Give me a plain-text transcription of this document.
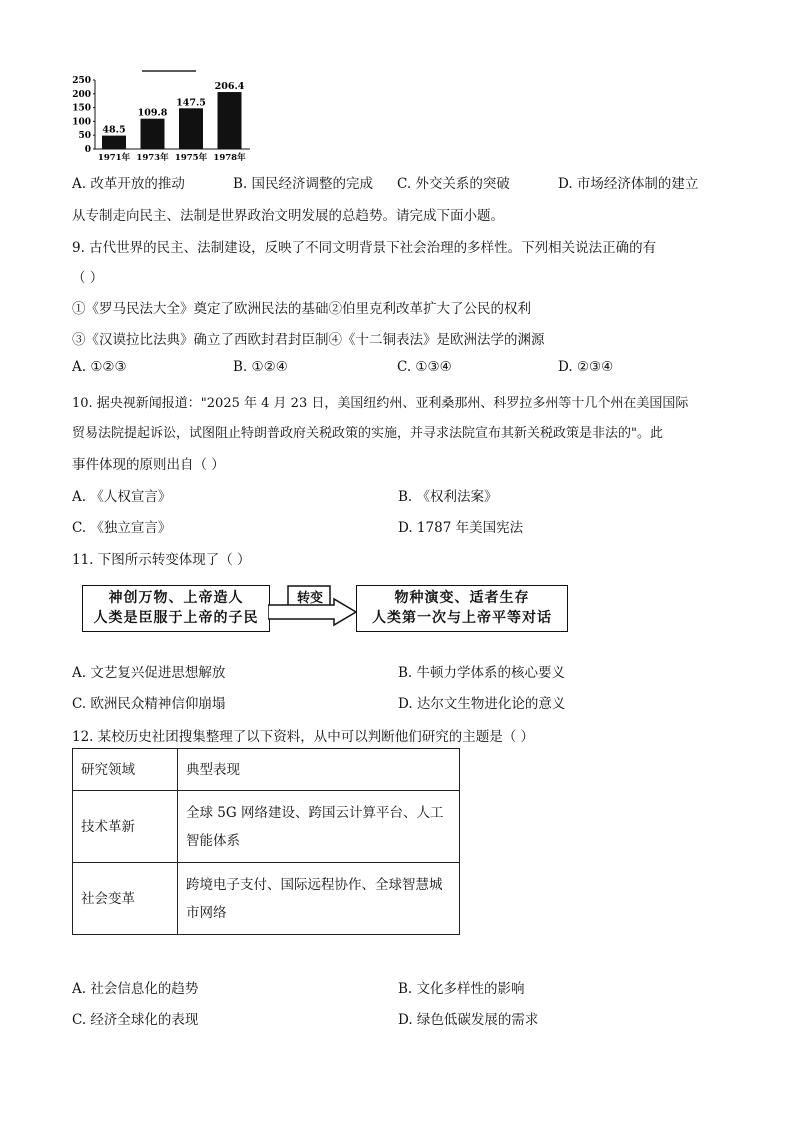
250
200
150
100
50
0
48.5
1971年
109.8
1973年
147.5
1975年
206.4
1978年
A. 改革开放的推动	B. 国民经济调整的完成 C. 外交关系的突破	D. 市场经济体制的建立
从专制走向民主、法制是世界政治文明发展的总趋势。请完成下面小题。
9. 古代世界的民主、法制建设，反映了不同文明背景下社会治理的多样性。下列相关说法正确的有
（ ）
①《罗马民法大全》奠定了欧洲民法的基础②伯里克利改革扩大了公民的权利
③《汉谟拉比法典》确立了西欧封君封臣制④《十二铜表法》是欧洲法学的渊源
A. ①②③	B. ①②④	C. ①③④	D. ②③④
10. 据央视新闻报道："2025 年 4 月 23 日，美国纽约州、亚利桑那州、科罗拉多州等十几个州在美国国际
贸易法院提起诉讼，试图阻止特朗普政府关税政策的实施，并寻求法院宣布其新关税政策是非法的"。此
事件体现的原则出自（ ）
A. 《人权宣言》	B. 《权利法案》
C. 《独立宣言》	D. 1787 年美国宪法
11. 下图所示转变体现了（ ）
神创万物、上帝造人
人类是臣服于上帝的子民
转变	物种演变、适者生存
人类第一次与上帝平等对话
A. 文艺复兴促进思想解放	B. 牛顿力学体系的核心要义
C. 欧洲民众精神信仰崩塌	D. 达尔文生物进化论的意义
12. 某校历史社团搜集整理了以下资料，从中可以判断他们研究的主题是（ ）
研究领域	典型表现
技术革新	全球 5G 网络建设、跨国云计算平台、人工
智能体系

社会变革	跨境电子支付、国际远程协作、全球智慧城
市网络
A. 社会信息化的趋势	B. 文化多样性的影响
C. 经济全球化的表现	D. 绿色低碳发展的需求
